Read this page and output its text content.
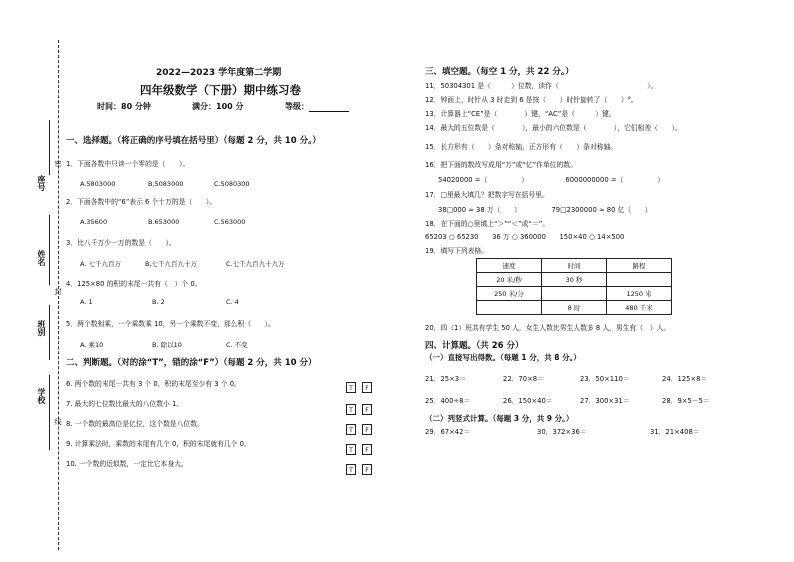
座号
姓名
班别
学校
密
封
线
2022—2023 学年度第二学期
四年级数学（下册）期中练习卷
时间：80 分钟	满分：100 分	等级：
一、选择题。（将正确的序号填在括号里）（每题 2 分，共 10 分。）
1．下面各数中只读一个零的是（　　）。
A.5803000	B.5083000	C.5080300
2．下面各数中的“6”表示 6 个十万的是（　　）。
A.35600	B.653000	C.563000
3．比八千万少一万的数是（　　）。
A. 七千九百万	B.七千九百九十万	C.七千九百九十九万
4．125×80 的积的末尾一共有（　）个 0。
A. 1	B. 2	C. 4
5．两个数相乘，一个乘数乘 10，另一个乘数不变，那么积（　　）。
A. 乘10	B. 除以10	C. 不变
二、判断题。（对的涂“T”，错的涂“F”）（每题 2 分，共 10 分）
6. 两个数的末尾一共有 3 个 0，积的末尾至少有 3 个 0。
T F
7. 最大的七位数比最大的八位数小 1。
T F
8. 一个数的最高位是亿位，这个数是八位数。
T F
9. 计算乘法时，乘数的末尾有几个 0，积的末尾就有几个 0。
T F
10. 一个数的近似数，一定比它本身大。
T F
三、填空题。（每空 1 分，共 22 分。）
11．50304301 是（　　　）位数，读作（　　　　　　　　　　　　　）。
12．钟面上，时针从 3 时走到 6 是按（　　）时针旋转了（　　）°。
13．计算器上“CE”是（　　　　）键，“AC”是（　　　）键。
14．最大的五位数是（　　　　），最小的六位数是（　　　　），它们相差（　　）。
15．长方形有（　　）条对称轴，正方形有（　　）条对称轴。
16．把下面的数改写成用“万”或“亿”作单位的数。
54020000 =（　　　　　）　　　　　　6000000000 =（　　　　　）
17．□里最大填几？把数字写在括号里。
38□000 ≈ 38 万（　　）　　　　　79□2300000 ≈ 80 亿（　　）
18．在下面的○里填上“＞”“＜”或“＝”。
65203 ○ 65230　　36 万 ○ 360000　　150×40 ○ 14×500
19．填写下列表格。
速度	时间	路程
20 米/秒	30 秒	
250 米/分		1250 米
	8 时	480 千米
20．四（1）班共有学生 50 人，女生人数比男生人数多 8 人，男生有（　）人。
四、计算题。（共 26 分）
（一）直接写出得数。（每题 1 分，共 8 分。）
21．25×3＝	22．70×8＝	23．50×110＝	24．125×8＝
25．400÷8＝	26．150×40＝	27．300×31＝	28．9×5－5＝
（二）列竖式计算。（每题 3 分，共 9 分。）
29．67×42＝	30．372×36＝	31．21×408＝
